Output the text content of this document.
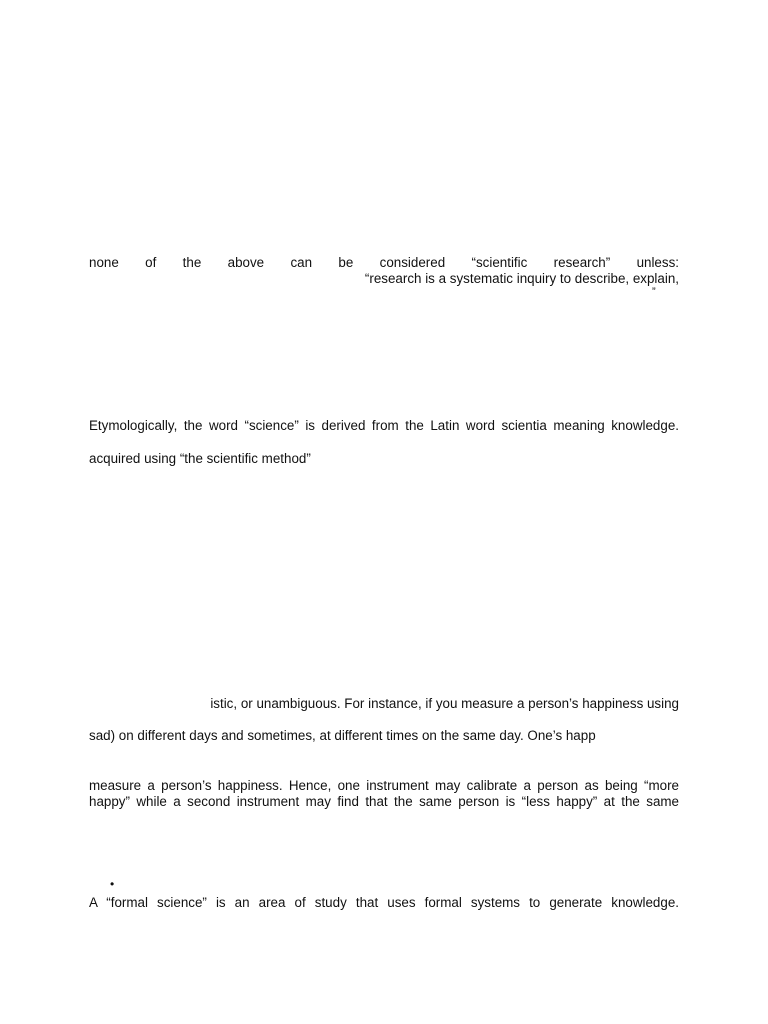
none of the above can be considered “scientific research” unless:
“research is a systematic inquiry to describe, explain,
”
Etymologically, the word “science” is derived from the Latin word scientia meaning knowledge.
acquired using “the scientific method”
istic, or unambiguous. For instance, if you measure a person’s happiness using
sad) on different days and sometimes, at different times on the same day. One’s happ
measure a person’s happiness. Hence, one instrument may calibrate a person as being “more
happy” while a second instrument may find that the same person is “less happy” at the same
•
A “formal science” is an area of study that uses formal systems to generate knowledge.
